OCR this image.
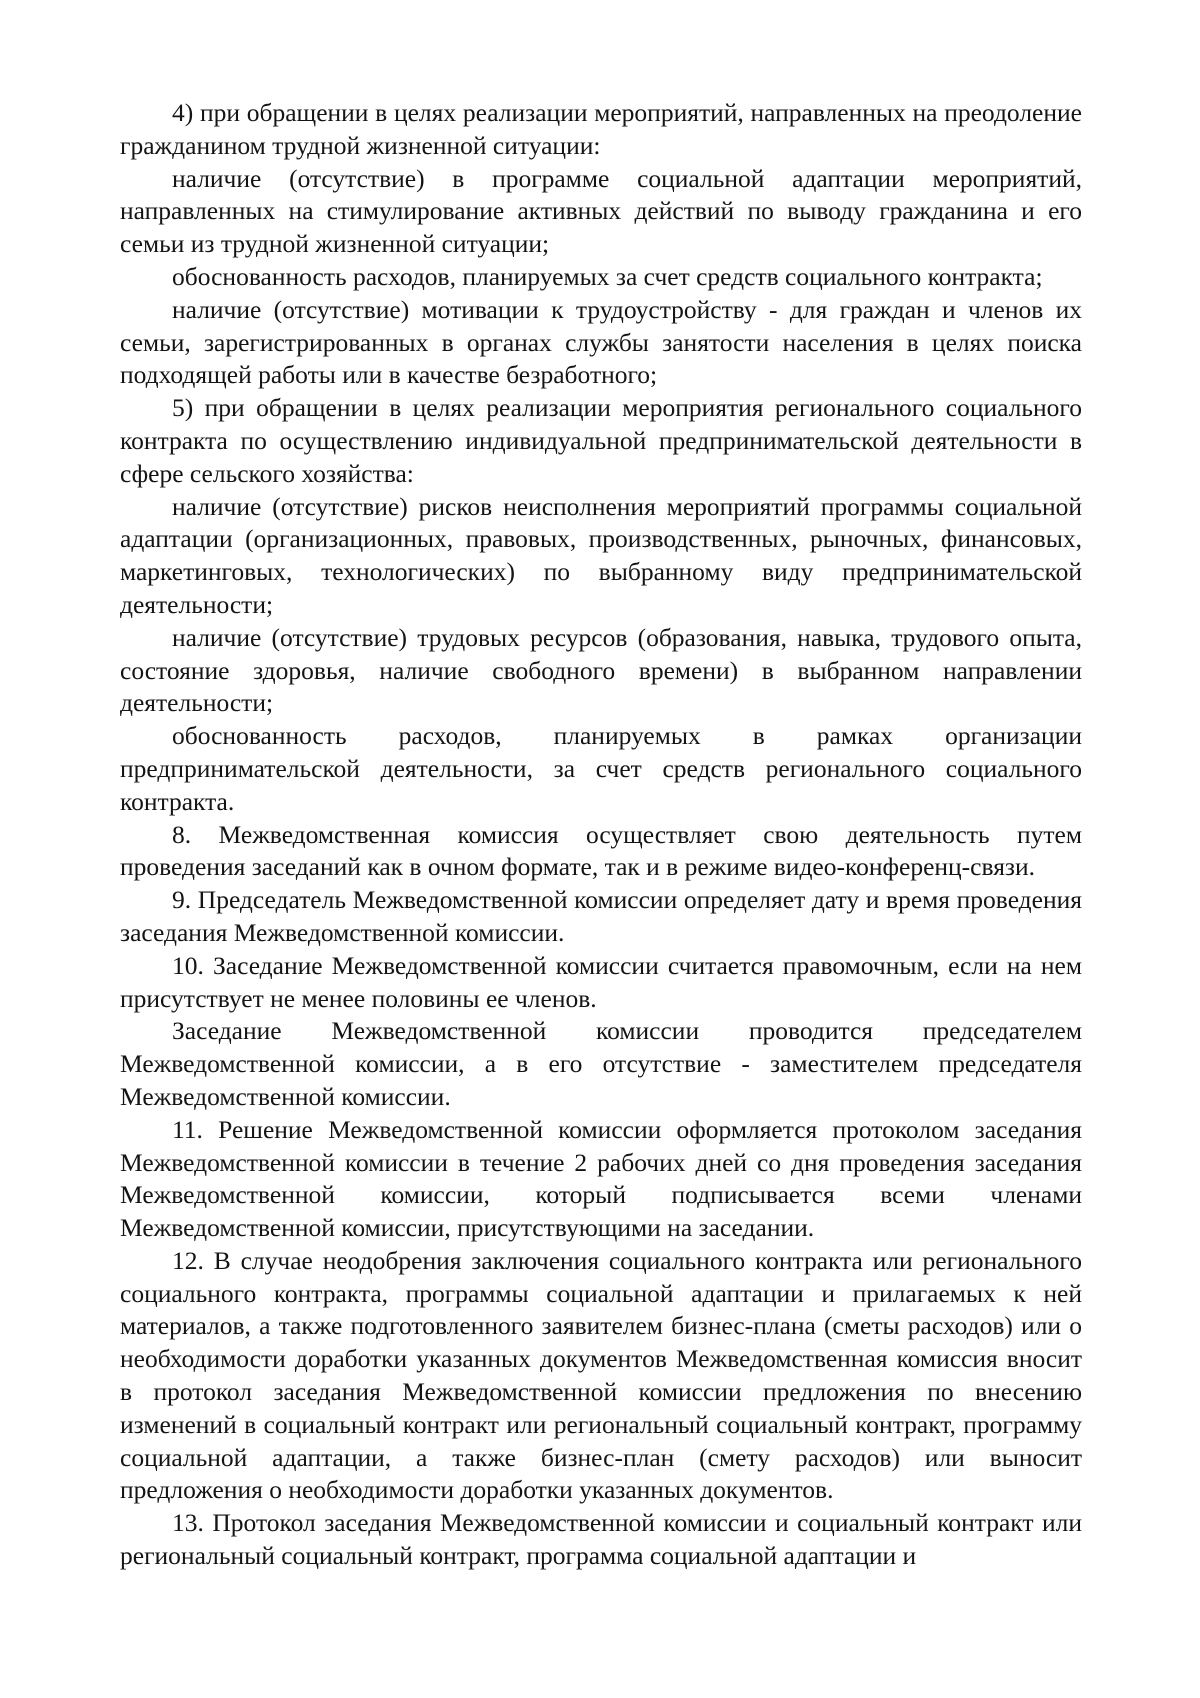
4) при обращении в целях реализации мероприятий, направленных на преодоление гражданином трудной жизненной ситуации:

наличие (отсутствие) в программе социальной адаптации мероприятий, направленных на стимулирование активных действий по выводу гражданина и его семьи из трудной жизненной ситуации;

обоснованность расходов, планируемых за счет средств социального контракта;

наличие (отсутствие) мотивации к трудоустройству - для граждан и членов их семьи, зарегистрированных в органах службы занятости населения в целях поиска подходящей работы или в качестве безработного;

5) при обращении в целях реализации мероприятия регионального социального контракта по осуществлению индивидуальной предпринимательской деятельности в сфере сельского хозяйства:

наличие (отсутствие) рисков неисполнения мероприятий программы социальной адаптации (организационных, правовых, производственных, рыночных, финансовых, маркетинговых, технологических) по выбранному виду предпринимательской деятельности;

наличие (отсутствие) трудовых ресурсов (образования, навыка, трудового опыта, состояние здоровья, наличие свободного времени) в выбранном направлении деятельности;

обоснованность расходов, планируемых в рамках организации предпринимательской деятельности, за счет средств регионального социального контракта.

8. Межведомственная комиссия осуществляет свою деятельность путем проведения заседаний как в очном формате, так и в режиме видео-конференц-связи.

9. Председатель Межведомственной комиссии определяет дату и время проведения заседания Межведомственной комиссии.

10. Заседание Межведомственной комиссии считается правомочным, если на нем присутствует не менее половины ее членов.

Заседание Межведомственной комиссии проводится председателем Межведомственной комиссии, а в его отсутствие - заместителем председателя Межведомственной комиссии.

11. Решение Межведомственной комиссии оформляется протоколом заседания Межведомственной комиссии в течение 2 рабочих дней со дня проведения заседания Межведомственной комиссии, который подписывается всеми членами Межведомственной комиссии, присутствующими на заседании.

12. В случае неодобрения заключения социального контракта или регионального социального контракта, программы социальной адаптации и прилагаемых к ней материалов, а также подготовленного заявителем бизнес-плана (сметы расходов) или о необходимости доработки указанных документов Межведомственная комиссия вносит в протокол заседания Межведомственной комиссии предложения по внесению изменений в социальный контракт или региональный социальный контракт, программу социальной адаптации, а также бизнес-план (смету расходов) или выносит предложения о необходимости доработки указанных документов.

13. Протокол заседания Межведомственной комиссии и социальный контракт или региональный социальный контракт, программа социальной адаптации и
